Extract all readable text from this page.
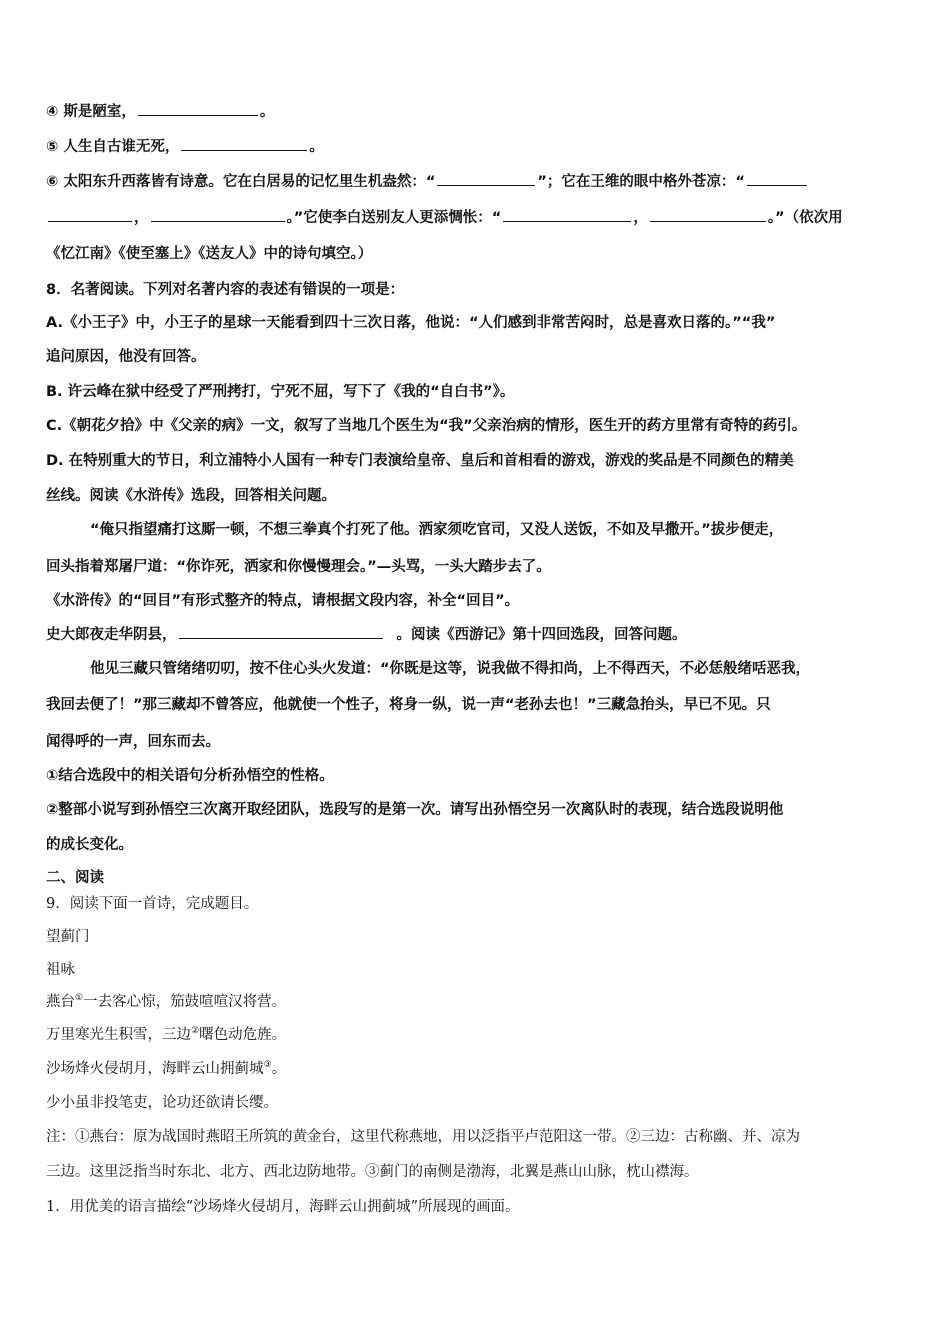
④ 斯是陋室，	。
⑤ 人生自古谁无死，	。
⑥ 太阳东升西落皆有诗意。它在白居易的记忆里生机盎然：“	”；它在王维的眼中格外苍凉：“
，	。”它使李白送别友人更添惆怅：“	，	。”（依次用
《忆江南》《使至塞上》《送友人》中的诗句填空。）
8．名著阅读。下列对名著内容的表述有错误的一项是：
A.《小王子》中，小王子的星球一天能看到四十三次日落，他说：“人们感到非常苦闷时，总是喜欢日落的。”“我”
追问原因，他没有回答。
B. 许云峰在狱中经受了严刑拷打，宁死不屈，写下了《我的“自白书”》。
C.《朝花夕拾》中《父亲的病》一文，叙写了当地几个医生为“我”父亲治病的情形，医生开的药方里常有奇特的药引。
D. 在特别重大的节日，利立浦特小人国有一种专门表演给皇帝、皇后和首相看的游戏，游戏的奖品是不同颜色的精美
丝线。阅读《水浒传》选段，回答相关问题。
“俺只指望痛打这厮一顿，不想三拳真个打死了他。洒家须吃官司，又没人送饭，不如及早撒开。”拔步便走，
回头指着郑屠尸道：“你诈死，洒家和你慢慢理会。”—头骂，一头大踏步去了。
《水浒传》的“回目”有形式整齐的特点，请根据文段内容，补全“回目”。
史大郎夜走华阴县，	。阅读《西游记》第十四回选段，回答问题。
他见三藏只管绪绪叨叨，按不住心头火发道：“你既是这等，说我做不得扣尚，上不得西天，不必恁般绪咶恶我，
我回去便了！”那三藏却不曾答应，他就使一个性子，将身一纵，说一声“老孙去也！”三藏急抬头，早已不见。只
闻得呼的一声，回东而去。
①结合选段中的相关语句分析孙悟空的性格。
②整部小说写到孙悟空三次离开取经团队，选段写的是第一次。请写出孙悟空另一次离队时的表现，结合选段说明他
的成长变化。
二、阅读
9．阅读下面一首诗，完成题目。
望蓟门
祖咏
燕台①一去客心惊，笳鼓喧喧汉将营。
万里寒光生积雪，三边②曙色动危旌。
沙场烽火侵胡月，海畔云山拥蓟城③。
少小虽非投笔吏，论功还欲请长缨。
注：①燕台：原为战国时燕昭王所筑的黄金台，这里代称燕地，用以泛指平卢范阳这一带。②三边：古称幽、并、凉为
三边。这里泛指当时东北、北方、西北边防地带。③蓟门的南侧是渤海，北翼是燕山山脉，枕山襟海。
1．用优美的语言描绘“沙场烽火侵胡月，海畔云山拥蓟城”所展现的画面。
